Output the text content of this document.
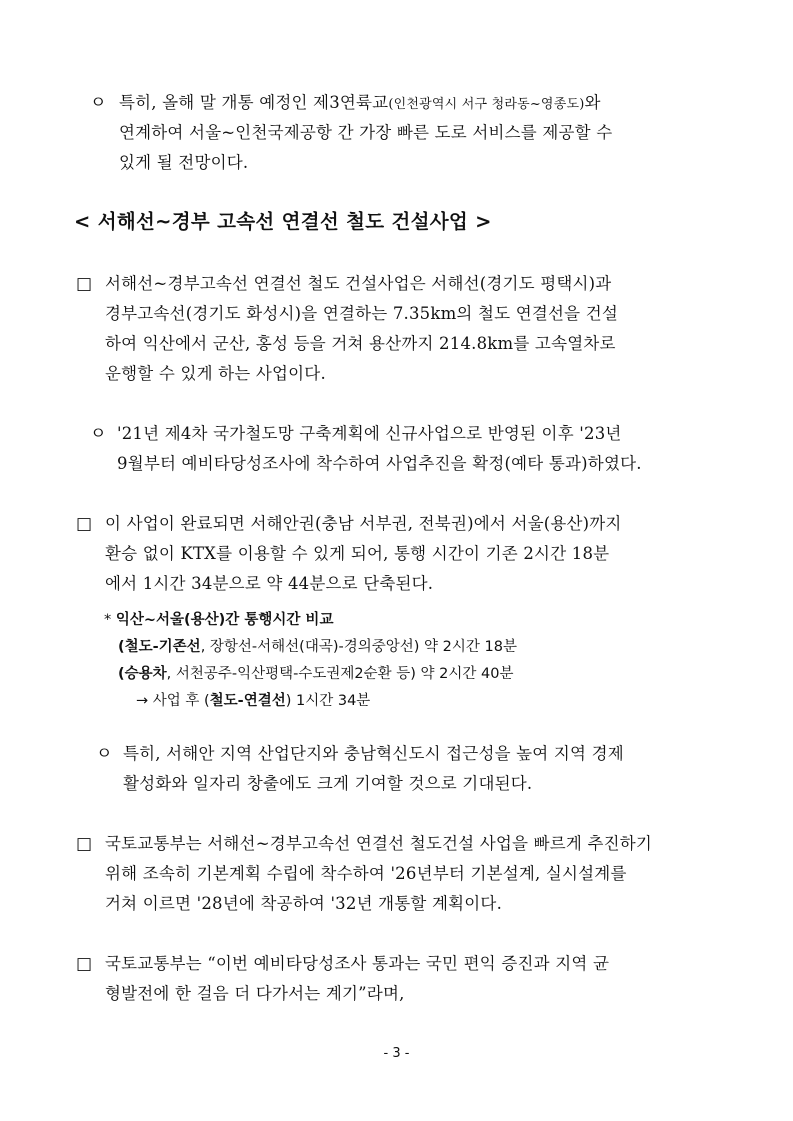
ㅇ 특히, 올해 말 개통 예정인 제3연륙교(인천광역시 서구 청라동~영종도)와
연계하여 서울~인천국제공항 간 가장 빠른 도로 서비스를 제공할 수
있게 될 전망이다.
< 서해선~경부 고속선 연결선 철도 건설사업 >
□ 서해선~경부고속선 연결선 철도 건설사업은 서해선(경기도 평택시)과
경부고속선(경기도 화성시)을 연결하는 7.35km의 철도 연결선을 건설
하여 익산에서 군산, 홍성 등을 거쳐 용산까지 214.8km를 고속열차로
운행할 수 있게 하는 사업이다.
ㅇ '21년 제4차 국가철도망 구축계획에 신규사업으로 반영된 이후 '23년
9월부터 예비타당성조사에 착수하여 사업추진을 확정(예타 통과)하였다.
□ 이 사업이 완료되면 서해안권(충남 서부권, 전북권)에서 서울(용산)까지
환승 없이 KTX를 이용할 수 있게 되어, 통행 시간이 기존 2시간 18분
에서 1시간 34분으로 약 44분으로 단축된다.
* 익산~서울(용산)간 통행시간 비교
(철도-기존선, 장항선-서해선(대곡)-경의중앙선) 약 2시간 18분
(승용차, 서천공주-익산평택-수도권제2순환 등) 약 2시간 40분
→ 사업 후 (철도-연결선) 1시간 34분
ㅇ 특히, 서해안 지역 산업단지와 충남혁신도시 접근성을 높여 지역 경제
활성화와 일자리 창출에도 크게 기여할 것으로 기대된다.
□ 국토교통부는 서해선~경부고속선 연결선 철도건설 사업을 빠르게 추진하기
위해 조속히 기본계획 수립에 착수하여 '26년부터 기본설계, 실시설계를
거쳐 이르면 '28년에 착공하여 '32년 개통할 계획이다.
□ 국토교통부는 “이번 예비타당성조사 통과는 국민 편익 증진과 지역 균
형발전에 한 걸음 더 다가서는 계기”라며,
- 3 -
